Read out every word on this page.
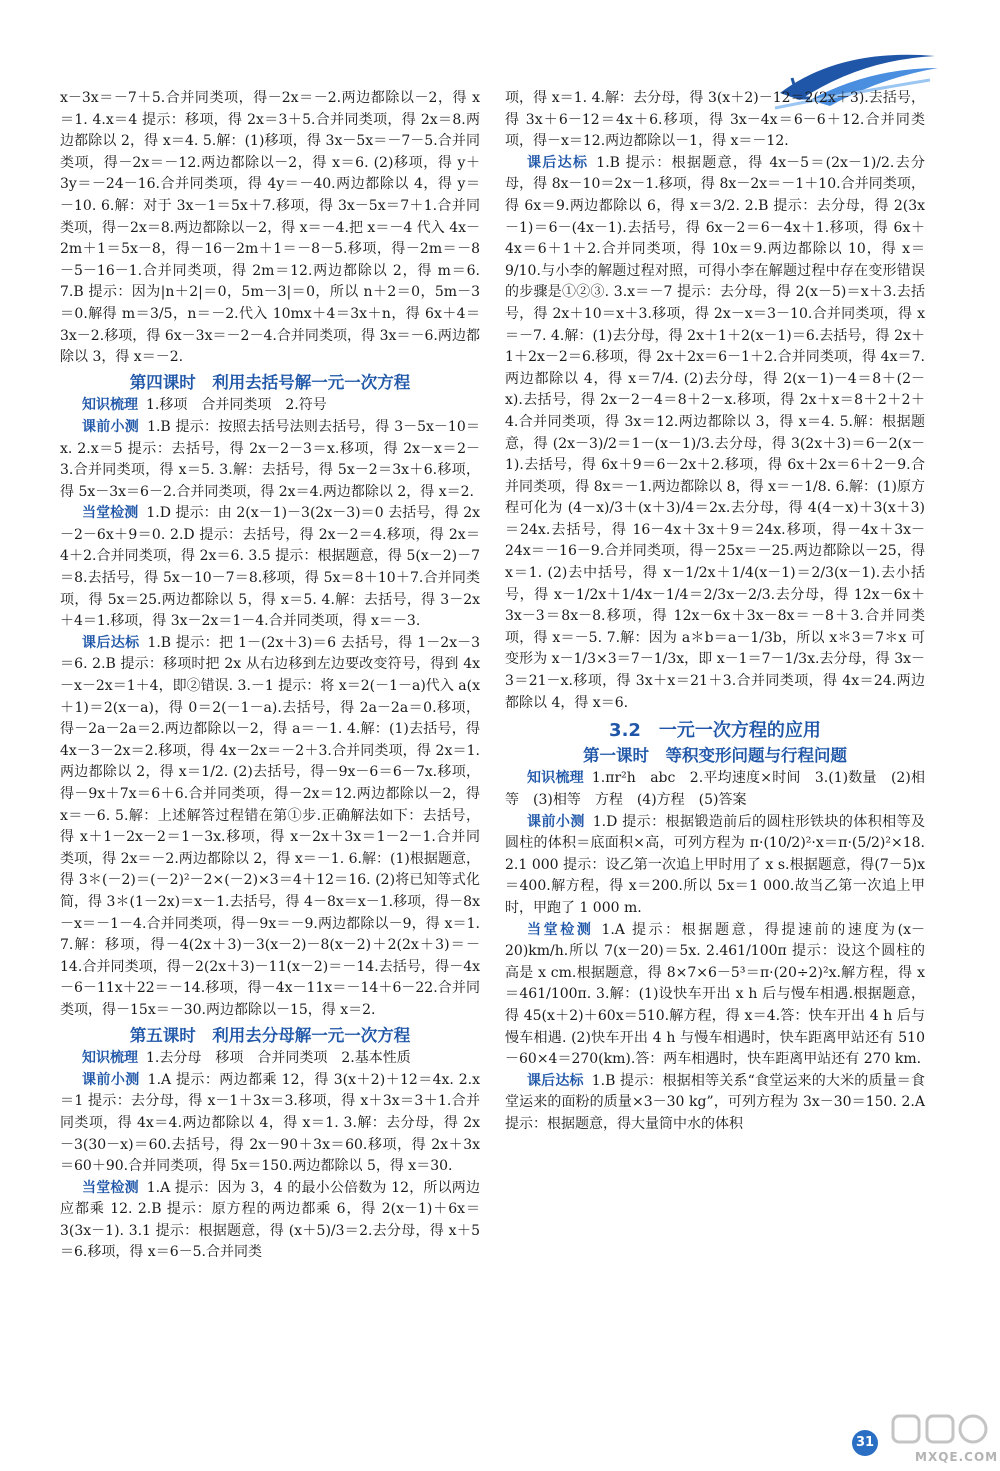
x－3x＝－7＋5.合并同类项，得－2x＝－2.两边都除以－2，得 x＝1. 4.x＝4 提示：移项，得 2x＝3＋5.合并同类项，得 2x＝8.两边都除以 2，得 x＝4. 5.解：(1)移项，得 3x－5x＝－7－5.合并同类项，得－2x＝－12.两边都除以－2，得 x＝6. (2)移项，得 y＋3y＝－24－16.合并同类项，得 4y＝－40.两边都除以 4，得 y＝－10. 6.解：对于 3x－1＝5x＋7.移项，得 3x－5x＝7＋1.合并同类项，得－2x＝8.两边都除以－2，得 x＝－4.把 x＝－4 代入 4x－2m＋1＝5x－8，得－16－2m＋1＝－8－5.移项，得－2m＝－8－5－16－1.合并同类项，得 2m＝12.两边都除以 2，得 m＝6. 7.B 提示：因为|n＋2|＝0，5m－3|＝0，所以 n＋2＝0，5m－3＝0.解得 m＝3/5，n＝－2.代入 10mx＋4＝3x＋n，得 6x＋4＝3x－2.移项，得 6x－3x＝－2－4.合并同类项，得 3x＝－6.两边都除以 3，得 x＝－2.

第四课时　利用去括号解一元一次方程

知识梳理 1.移项　合并同类项　2.符号

课前小测 1.B 提示：按照去括号法则去括号，得 3－5x－10＝x. 2.x＝5 提示：去括号，得 2x－2－3＝x.移项，得 2x－x＝2－3.合并同类项，得 x＝5. 3.解：去括号，得 5x－2＝3x＋6.移项，得 5x－3x＝6－2.合并同类项，得 2x＝4.两边都除以 2，得 x＝2.

当堂检测 1.D 提示：由 2(x－1)－3(2x－3)＝0 去括号，得 2x－2－6x＋9＝0. 2.D 提示：去括号，得 2x－2＝4.移项，得 2x＝4＋2.合并同类项，得 2x＝6. 3.5 提示：根据题意，得 5(x－2)－7＝8.去括号，得 5x－10－7＝8.移项，得 5x＝8＋10＋7.合并同类项，得 5x＝25.两边都除以 5，得 x＝5. 4.解：去括号，得 3－2x＋4＝1.移项，得 3x－2x＝1－4.合并同类项，得 x＝－3.

课后达标 1.B 提示：把 1－(2x＋3)＝6 去括号，得 1－2x－3＝6. 2.B 提示：移项时把 2x 从右边移到左边要改变符号，得到 4x－x－2x＝1＋4，即②错误. 3.－1 提示：将 x＝2(－1－a)代入 a(x＋1)＝2(x－a)，得 0＝2(－1－a).去括号，得 2a－2a＝0.移项，得－2a－2a＝2.两边都除以－2，得 a＝－1. 4.解：(1)去括号，得 4x－3－2x＝2.移项，得 4x－2x＝－2＋3.合并同类项，得 2x＝1.两边都除以 2，得 x＝1/2. (2)去括号，得－9x－6＝6－7x.移项，得－9x＋7x＝6＋6.合并同类项，得－2x＝12.两边都除以－2，得 x＝－6. 5.解：上述解答过程错在第①步.正确解法如下：去括号，得 x＋1－2x－2＝1－3x.移项，得 x－2x＋3x＝1－2－1.合并同类项，得 2x＝－2.两边都除以 2，得 x＝－1. 6.解：(1)根据题意，得 3＊(－2)＝(－2)²－2×(－2)×3＝4＋12＝16. (2)将已知等式化简，得 3＊(1－2x)＝x－1.去括号，得 4－8x＝x－1.移项，得－8x－x＝－1－4.合并同类项，得－9x＝－9.两边都除以－9，得 x＝1. 7.解：移项，得－4(2x＋3)－3(x－2)－8(x－2)＋2(2x＋3)＝－14.合并同类项，得－2(2x＋3)－11(x－2)＝－14.去括号，得－4x－6－11x＋22＝－14.移项，得－4x－11x＝－14＋6－22.合并同类项，得－15x＝－30.两边都除以－15，得 x＝2.

第五课时　利用去分母解一元一次方程

知识梳理 1.去分母　移项　合并同类项　2.基本性质

课前小测 1.A 提示：两边都乘 12，得 3(x＋2)＋12＝4x. 2.x＝1 提示：去分母，得 x－1＋3x＝3.移项，得 x＋3x＝3＋1.合并同类项，得 4x＝4.两边都除以 4，得 x＝1. 3.解：去分母，得 2x－3(30－x)＝60.去括号，得 2x－90＋3x＝60.移项，得 2x＋3x＝60＋90.合并同类项，得 5x＝150.两边都除以 5，得 x＝30.

当堂检测 1.A 提示：因为 3，4 的最小公倍数为 12，所以两边应都乘 12. 2.B 提示：原方程的两边都乘 6，得 2(x－1)＋6x＝3(3x－1). 3.1 提示：根据题意，得 (x＋5)/3＝2.去分母，得 x＋5＝6.移项，得 x＝6－5.合并同类

项，得 x＝1. 4.解：去分母，得 3(x＋2)－12＝2(2x＋3).去括号，得 3x＋6－12＝4x＋6.移项，得 3x－4x＝6－6＋12.合并同类项，得－x＝12.两边都除以－1，得 x＝－12.

课后达标 1.B 提示：根据题意，得 4x－5＝(2x－1)/2.去分母，得 8x－10＝2x－1.移项，得 8x－2x＝－1＋10.合并同类项，得 6x＝9.两边都除以 6，得 x＝3/2. 2.B 提示：去分母，得 2(3x－1)＝6－(4x－1).去括号，得 6x－2＝6－4x＋1.移项，得 6x＋4x＝6＋1＋2.合并同类项，得 10x＝9.两边都除以 10，得 x＝9/10.与小李的解题过程对照，可得小李在解题过程中存在变形错误的步骤是①②③. 3.x＝－7 提示：去分母，得 2(x－5)＝x＋3.去括号，得 2x＋10＝x＋3.移项，得 2x－x＝3－10.合并同类项，得 x＝－7. 4.解：(1)去分母，得 2x＋1＋2(x－1)＝6.去括号，得 2x＋1＋2x－2＝6.移项，得 2x＋2x＝6－1＋2.合并同类项，得 4x＝7.两边都除以 4，得 x＝7/4. (2)去分母，得 2(x－1)－4＝8＋(2－x).去括号，得 2x－2－4＝8＋2－x.移项，得 2x＋x＝8＋2＋2＋4.合并同类项，得 3x＝12.两边都除以 3，得 x＝4. 5.解：根据题意，得 (2x－3)/2＝1－(x－1)/3.去分母，得 3(2x＋3)＝6－2(x－1).去括号，得 6x＋9＝6－2x＋2.移项，得 6x＋2x＝6＋2－9.合并同类项，得 8x＝－1.两边都除以 8，得 x＝－1/8. 6.解：(1)原方程可化为 (4－x)/3＋(x＋3)/4＝2x.去分母，得 4(4－x)＋3(x＋3)＝24x.去括号，得 16－4x＋3x＋9＝24x.移项，得－4x＋3x－24x＝－16－9.合并同类项，得－25x＝－25.两边都除以－25，得 x＝1. (2)去中括号，得 x－1/2x＋1/4(x－1)＝2/3(x－1).去小括号，得 x－1/2x＋1/4x－1/4＝2/3x－2/3.去分母，得 12x－6x＋3x－3＝8x－8.移项，得 12x－6x＋3x－8x＝－8＋3.合并同类项，得 x＝－5. 7.解：因为 a＊b＝a－1/3b，所以 x＊3＝7＊x 可变形为 x－1/3×3＝7－1/3x，即 x－1＝7－1/3x.去分母，得 3x－3＝21－x.移项，得 3x＋x＝21＋3.合并同类项，得 4x＝24.两边都除以 4，得 x＝6.

3.2　一元一次方程的应用
第一课时　等积变形问题与行程问题

知识梳理 1.πr²h　abc　2.平均速度×时间　3.(1)数量　(2)相等　(3)相等　方程　(4)方程　(5)答案

课前小测 1.D 提示：根据锻造前后的圆柱形铁块的体积相等及圆柱的体积＝底面积×高，可列方程为 π·(10/2)²·x＝π·(5/2)²×18. 2.1 000 提示：设乙第一次追上甲时用了 x s.根据题意，得(7－5)x＝400.解方程，得 x＝200.所以 5x＝1 000.故当乙第一次追上甲时，甲跑了 1 000 m.

当堂检测 1.A 提示：根据题意，得提速前的速度为(x－20)km/h.所以 7(x－20)＝5x. 2.461/100π 提示：设这个圆柱的高是 x cm.根据题意，得 8×7×6－5³＝π·(20÷2)²x.解方程，得 x＝461/100π. 3.解：(1)设快车开出 x h 后与慢车相遇.根据题意，得 45(x＋2)＋60x＝510.解方程，得 x＝4.答：快车开出 4 h 后与慢车相遇. (2)快车开出 4 h 与慢车相遇时，快车距离甲站还有 510－60×4＝270(km).答：两车相遇时，快车距离甲站还有 270 km.

课后达标 1.B 提示：根据相等关系“食堂运来的大米的质量＝食堂运来的面粉的质量×3－30 kg”，可列方程为 3x－30＝150. 2.A 提示：根据题意，得大量筒中水的体积

31
MXQE.COM
